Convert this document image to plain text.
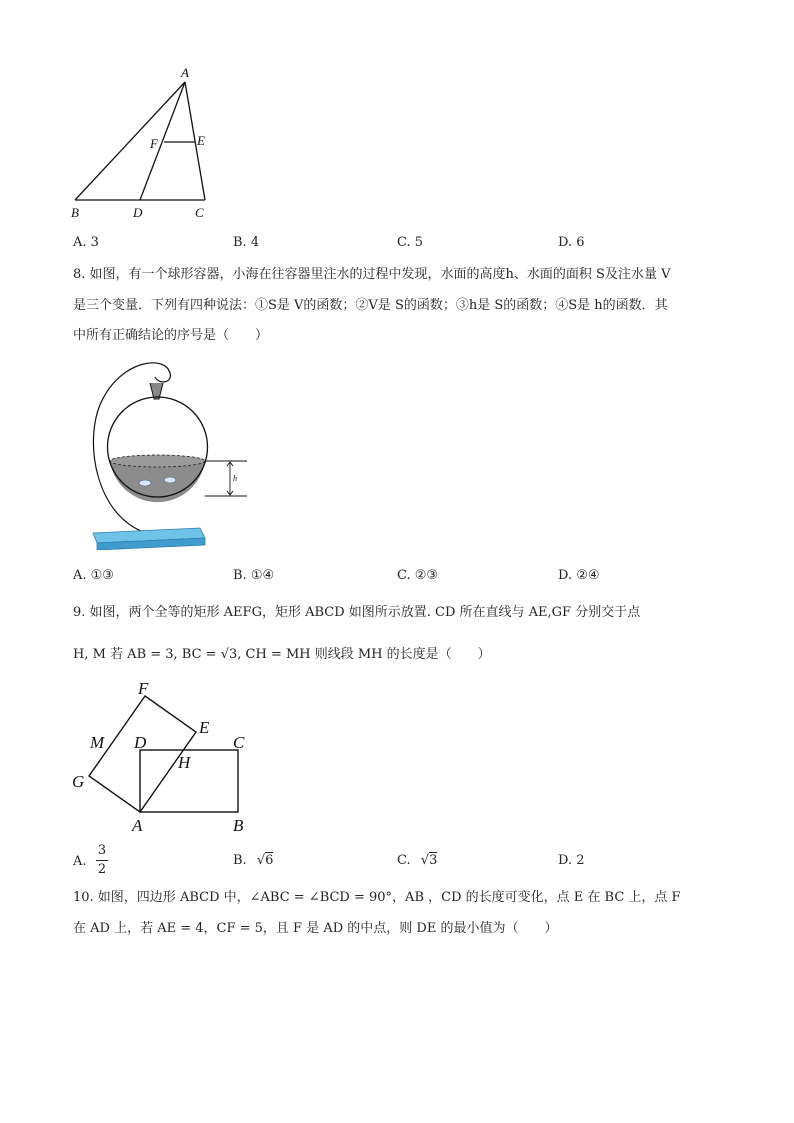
A
F	E
B	D	C
A. 3	B. 4	C. 5	D. 6
8. 如图，有一个球形容器，小海在往容器里注水的过程中发现，水面的高度h、水面的面积 S及注水量 V
是三个变量．下列有四种说法：①S是 V的函数；②V是 S的函数；③h是 S的函数；④S是 h的函数．其
中所有正确结论的序号是（　　）
h
A. ①③	B. ①④	C. ②③	D. ②④
9. 如图，两个全等的矩形 AEFG，矩形 ABCD 如图所示放置. CD 所在直线与 AE,GF 分别交于点
H, M 若 AB = 3, BC = √3, CH = MH 则线段 MH 的长度是（　　）
F
E
M D	C
H
G
A	B
A.
3
2
B. √6	C. √3	D. 2
10. 如图，四边形 ABCD 中，∠ABC = ∠BCD = 90°，AB ，CD 的长度可变化，点 E 在 BC 上，点 F
在 AD 上，若 AE = 4，CF = 5，且 F 是 AD 的中点，则 DE 的最小值为（　　）
